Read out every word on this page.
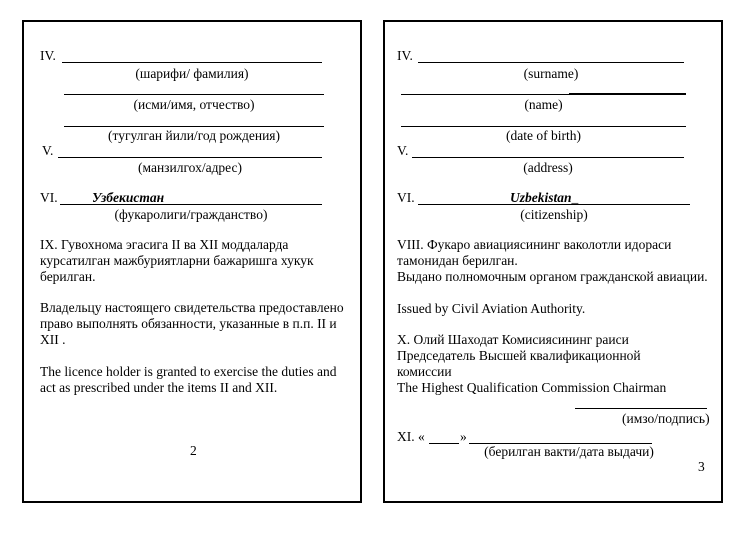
IV.
(шарифи/ фамилия)
(исми/имя, отчество)
(тугулган йили/год рождения)
V.
(манзилгох/адрес)
VI.	Узбекистан
(фукаролиги/гражданство)
IX. Гувохнома эгасига II ва XII моддаларда курсатилган мажбуриятларни бажаришга хукук берилган.
Владельцу настоящего свидетельства предоставлено право выполнять обязанности, указанные в п.п. II и XII .
The licence holder is granted to exercise the duties and act as prescribed under the items II and XII.
2
IV.
(surname)
(name)
(date of birth)
V.
(address)
VI.	Uzbekistan_
(citizenship)
VIII. Фукаро авиациясининг ваколотли идораси тамонидан берилган.
Выдано полномочным органом гражданской авиации.
Issued by Civil Aviation Authority.
X. Олий Шаходат Комисиясининг раиси
Председатель Высшей квалификационной комиссии
The Highest Qualification Commission Chairman
(имзо/подпись)
XI. «	»
(берилган вакти/дата выдачи)
3
